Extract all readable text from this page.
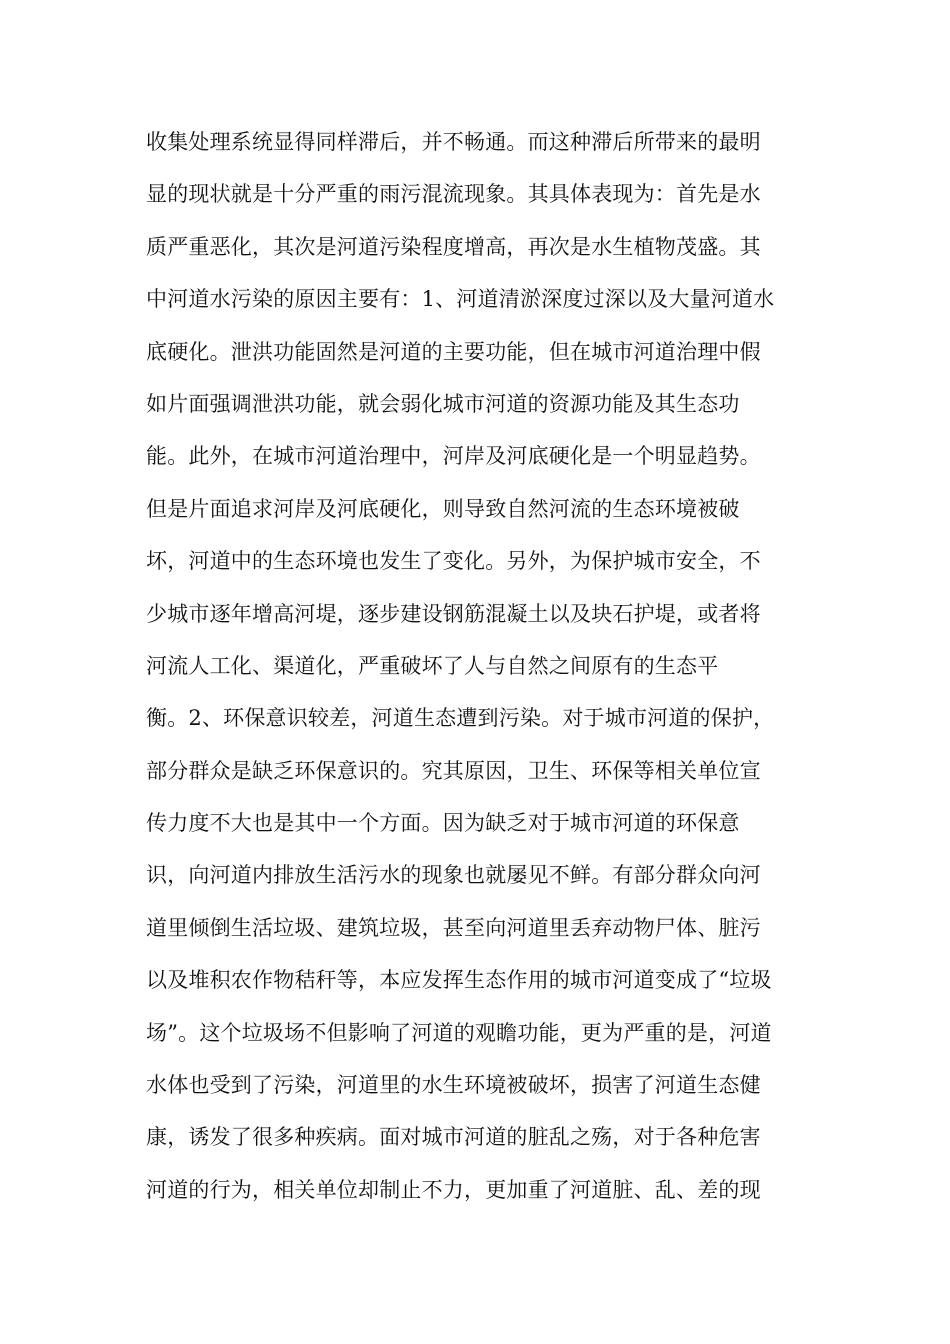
收集处理系统显得同样滞后，并不畅通。而这种滞后所带来的最明
显的现状就是十分严重的雨污混流现象。其具体表现为：首先是水
质严重恶化，其次是河道污染程度增高，再次是水生植物茂盛。其
中河道水污染的原因主要有：1、河道清淤深度过深以及大量河道水
底硬化。泄洪功能固然是河道的主要功能，但在城市河道治理中假
如片面强调泄洪功能，就会弱化城市河道的资源功能及其生态功
能。此外，在城市河道治理中，河岸及河底硬化是一个明显趋势。
但是片面追求河岸及河底硬化，则导致自然河流的生态环境被破
坏，河道中的生态环境也发生了变化。另外，为保护城市安全，不
少城市逐年增高河堤，逐步建设钢筋混凝土以及块石护堤，或者将
河流人工化、渠道化，严重破坏了人与自然之间原有的生态平
衡。2、环保意识较差，河道生态遭到污染。对于城市河道的保护，
部分群众是缺乏环保意识的。究其原因，卫生、环保等相关单位宣
传力度不大也是其中一个方面。因为缺乏对于城市河道的环保意
识，向河道内排放生活污水的现象也就屡见不鲜。有部分群众向河
道里倾倒生活垃圾、建筑垃圾，甚至向河道里丢弃动物尸体、脏污
以及堆积农作物秸秆等，本应发挥生态作用的城市河道变成了“垃圾
场”。这个垃圾场不但影响了河道的观瞻功能，更为严重的是，河道
水体也受到了污染，河道里的水生环境被破坏，损害了河道生态健
康，诱发了很多种疾病。面对城市河道的脏乱之殇，对于各种危害
河道的行为，相关单位却制止不力，更加重了河道脏、乱、差的现
